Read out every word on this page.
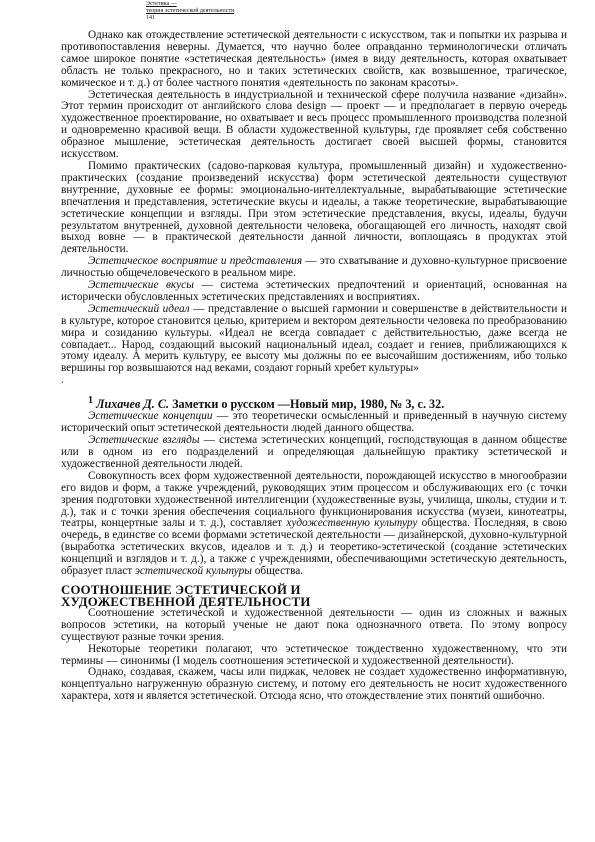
Эстетика —
теория эстетической деятельности
141

Однако как отождествление эстетической деятельности с искусством, так и попытки их разрыва и противопоставления неверны. Думается, что научно более оправданно терминологически отличать самое широкое понятие «эстетическая деятельность» (имея в виду деятельность, которая охватывает область не только прекрасного, но и таких эстетических свойств, как возвышенное, трагическое, комическое и т. д.) от более частного понятия «деятельность по законам красоты».

Эстетическая деятельность в индустриальной и технической сфере получила название «дизайн». Этот термин происходит от английского слова design — проект — и предполагает в первую очередь художественное проектирование, но охватывает и весь процесс промышленного производства полезной и одновременно красивой вещи. В области художественной культуры, где проявляет себя собственно образное мышление, эстетическая деятельность достигает своей высшей формы, становится искусством.

Помимо практических (садово-парковая культура, промышленный дизайн) и художественно-практических (создание произведений искусства) форм эстетической деятельности существуют внутренние, духовные ее формы: эмоционально-интеллектуальные, вырабатывающие эстетические впечатления и представления, эстетические вкусы и идеалы, а также теоретические, вырабатывающие эстетические концепции и взгляды. При этом эстетические представления, вкусы, идеалы, будучи результатом внутренней, духовной деятельности человека, обогащающей его личность, находят свой выход вовне — в практической деятельности данной личности, воплощаясь в продуктах этой деятельности.

Эстетическое восприятие и представления — это схватывание и духовно-культурное присвоение личностью общечеловеческого в реальном мире.

Эстетические вкусы — система эстетических предпочтений и ориентаций, основанная на исторически обусловленных эстетических представлениях и восприятиях.

Эстетический идеал — представление о высшей гармонии и совершенстве в действительности и в культуре, которое становится целью, критерием и вектором деятельности человека по преобразованию мира и созиданию культуры. «Идеал не всегда совпадает с действительностью, даже всегда не совпадает... Народ, создающий высокий национальный идеал, создает и гениев, приближающихся к этому идеалу. А мерить культуру, ее высоту мы должны по ее высочайшим достижениям, ибо только вершины гор возвышаются над веками, создают горный хребет культуры»

.

$^1$ Лихачев Д. С. Заметки о русском —Новый мир, 1980, № 3, с. 32.

Эстетические концепции — это теоретически осмысленный и приведенный в научную систему исторический опыт эстетической деятельности людей данного общества.

Эстетические взгляды — система эстетических концепций, господствующая в данном обществе или в одном из его подразделений и определяющая дальнейшую практику эстетической и художественной деятельности людей.

Совокупность всех форм художественной деятельности, порождающей искусство в многообразии его видов и форм, а также учреждений, руководящих этим процессом и обслуживающих его (с точки зрения подготовки художественной интеллигенции (художественные вузы, училища, школы, студии и т. д.), так и с точки зрения обеспечения социального функционирования искусства (музеи, кинотеатры, театры, концертные залы и т. д.), составляет художественную культуру общества. Последняя, в свою очередь, в единстве со всеми формами эстетической деятельности — дизайнерской, духовно-культурной (выработка эстетических вкусов, идеалов и т. д.) и теоретико-эстетической (создание эстетических концепций и взглядов и т. д.), а также с учреждениями, обеспечивающими эстетическую деятельность, образует пласт эстетической культуры общества.

СООТНОШЕНИЕ ЭСТЕТИЧЕСКОЙ И
ХУДОЖЕСТВЕННОЙ ДЕЯТЕЛЬНОСТИ

Соотношение эстетической и художественной деятельности — один из сложных и важных вопросов эстетики, на который ученые не дают пока однозначного ответа. По этому вопросу существуют разные точки зрения.

Некоторые теоретики полагают, что эстетическое тождественно художественному, что эти термины — синонимы (I модель соотношения эстетической и художественной деятельности).

Однако, создавая, скажем, часы или пиджак, человек не создает художественно информативную, концептуально нагруженную образную систему, и потому его деятельность не носит художественного характера, хотя и является эстетической. Отсюда ясно, что отождествление этих понятий ошибочно.
